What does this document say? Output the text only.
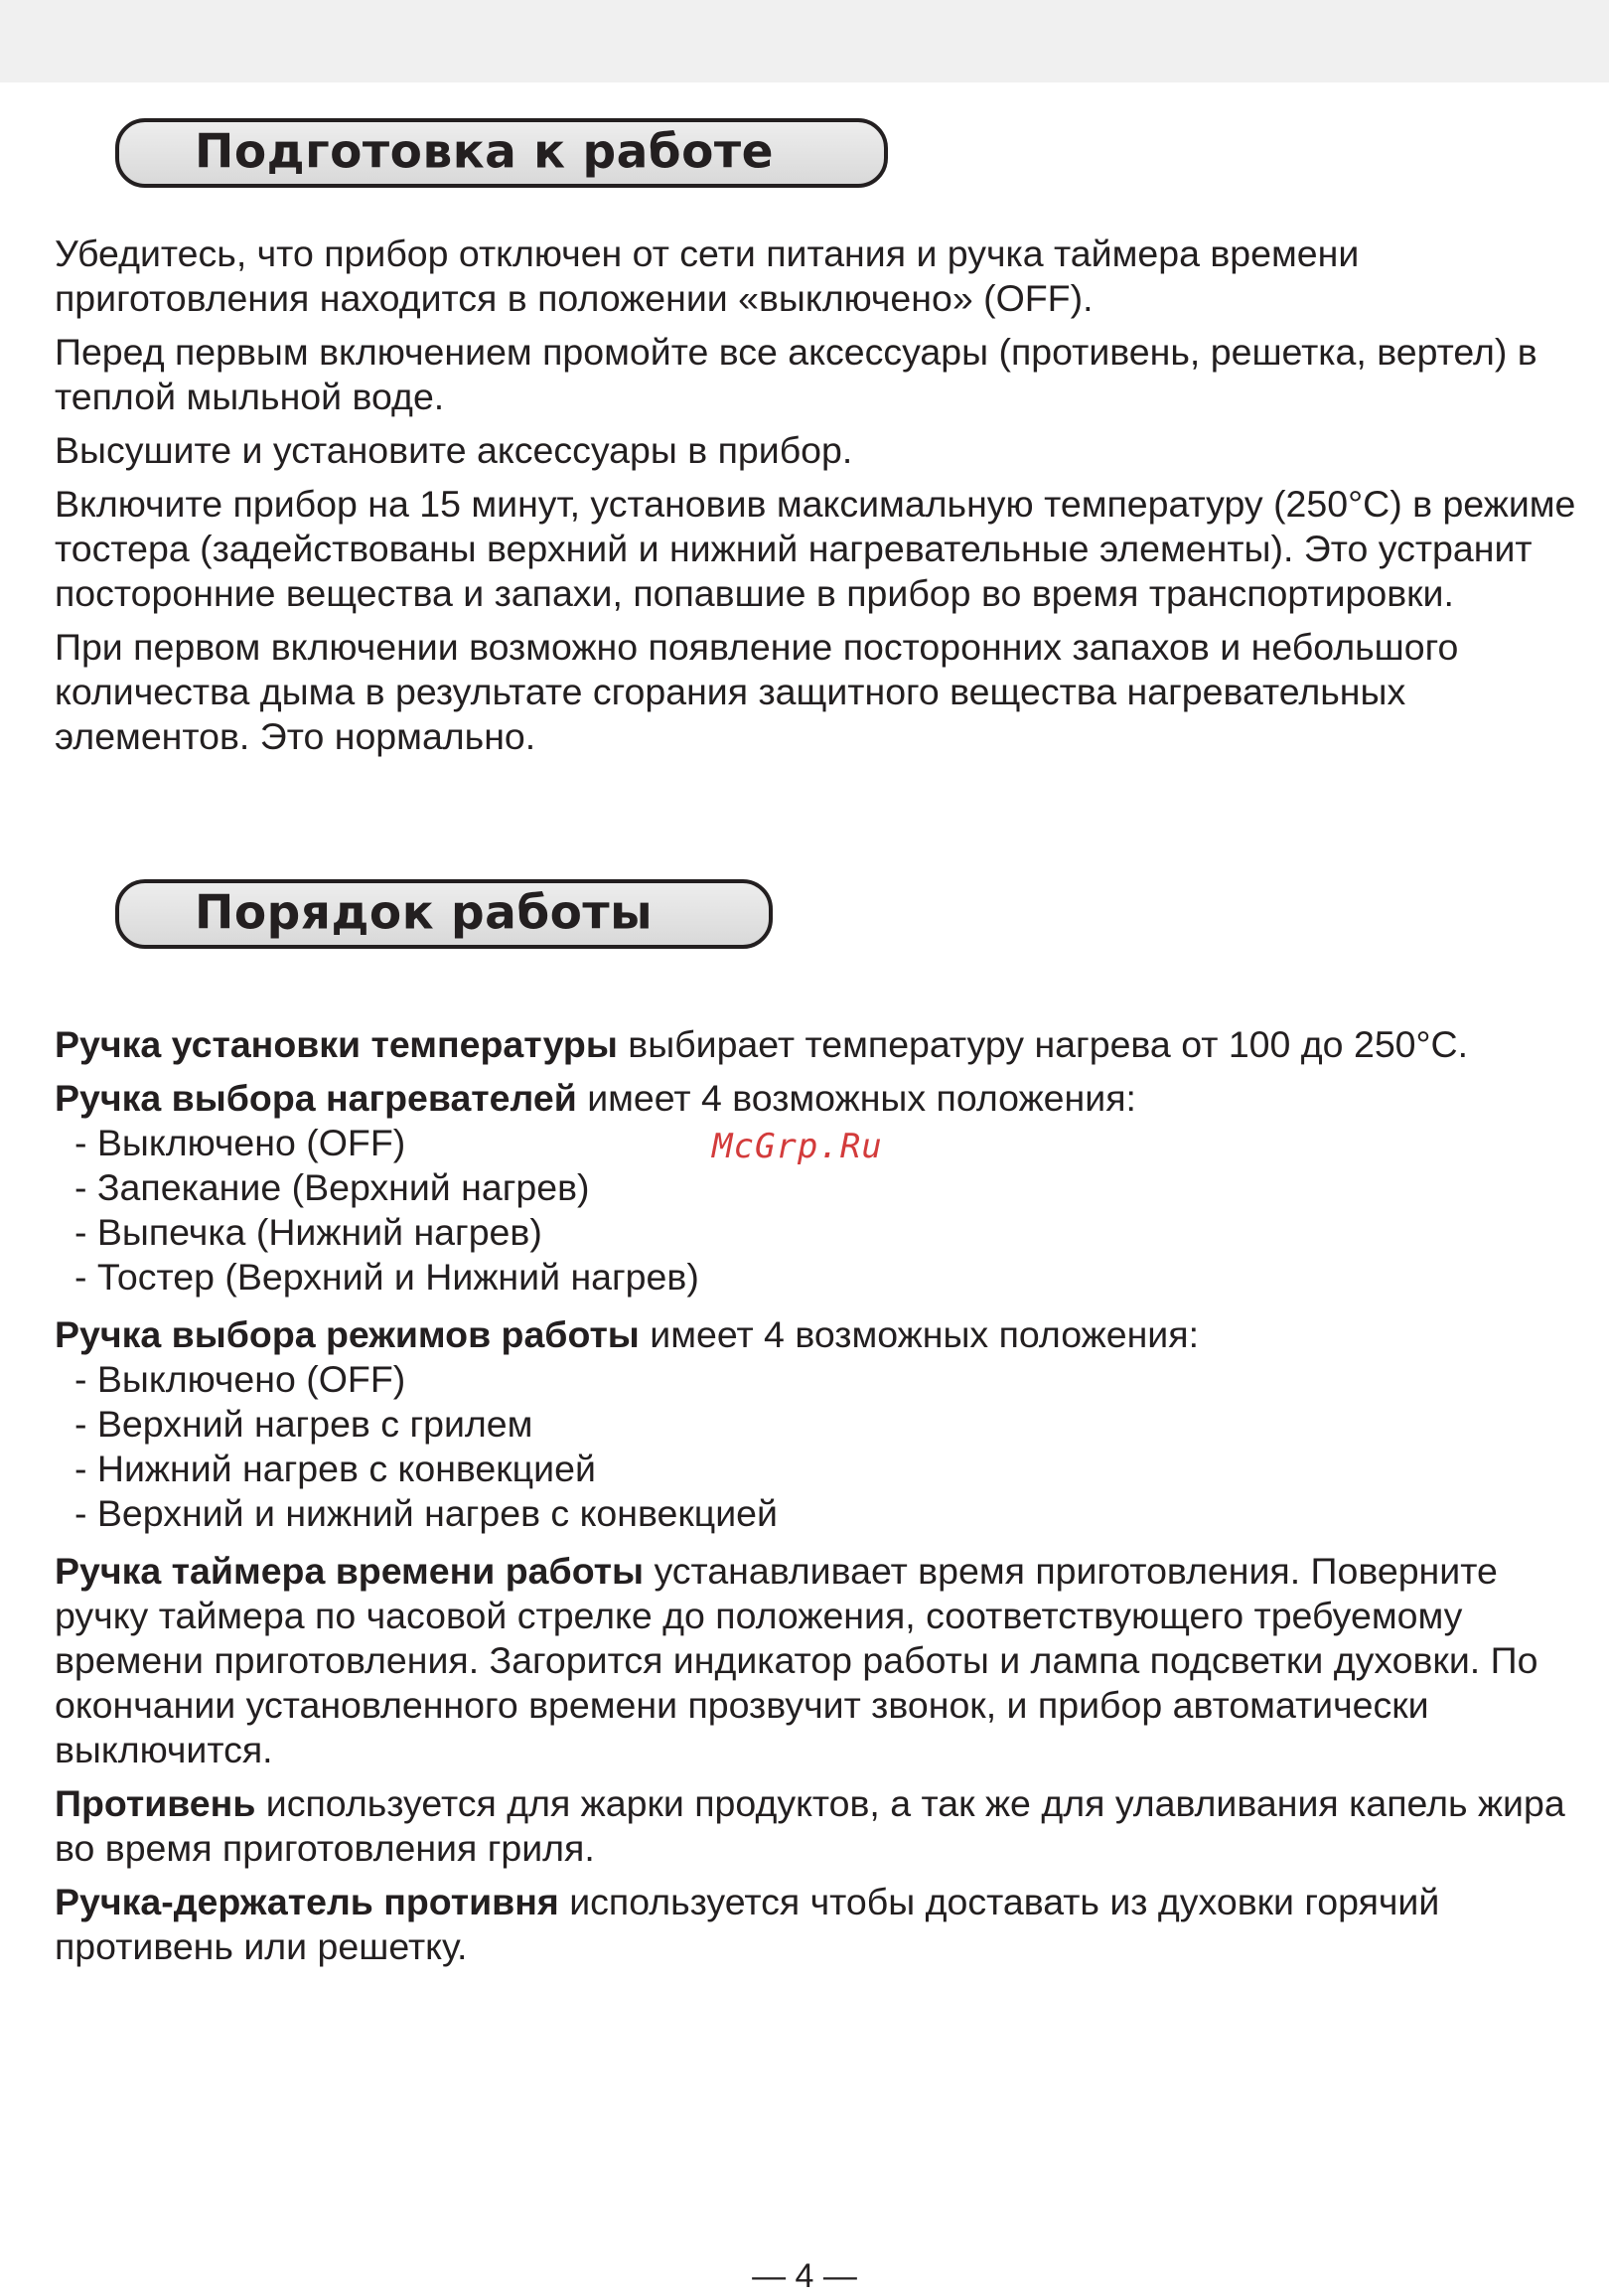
Подготовка к работе

Убедитесь, что прибор отключен от сети питания и ручка таймера времени приготовления находится в положении «выключено» (OFF).

Перед первым включением промойте все аксессуары (противень, решетка, вертел) в теплой мыльной воде.

Высушите и установите аксессуары в прибор.

Включите прибор на 15 минут, установив максимальную температуру (250°C) в режиме тостера (задействованы верхний и нижний нагревательные элементы). Это устранит посторонние вещества и запахи, попавшие в прибор во время транспортировки.

При первом включении возможно появление посторонних запахов и небольшого количества дыма в результате сгорания защитного вещества нагревательных элементов. Это нормально.

Порядок работы

Ручка установки температуры выбирает температуру нагрева от 100 до 250°C.

Ручка выбора нагревателей имеет 4 возможных положения:

- Выключено (OFF)
- Запекание (Верхний нагрев)
- Выпечка (Нижний нагрев)
- Тостер (Верхний и Нижний нагрев)

Ручка выбора режимов работы имеет 4 возможных положения:

- Выключено (OFF)
- Верхний нагрев с грилем
- Нижний нагрев с конвекцией
- Верхний и нижний нагрев с конвекцией

Ручка таймера времени работы устанавливает время приготовления. Поверните ручку таймера по часовой стрелке до положения, соответствующего требуемому времени приготовления. Загорится индикатор работы и лампа подсветки духовки. По окончании установленного времени прозвучит звонок, и прибор автоматически выключится.

Противень используется для жарки продуктов, а так же для улавливания капель жира во время приготовления гриля.

Ручка-держатель противня используется чтобы доставать из духовки горячий противень или решетку.

McGrp.Ru
— 4 —
